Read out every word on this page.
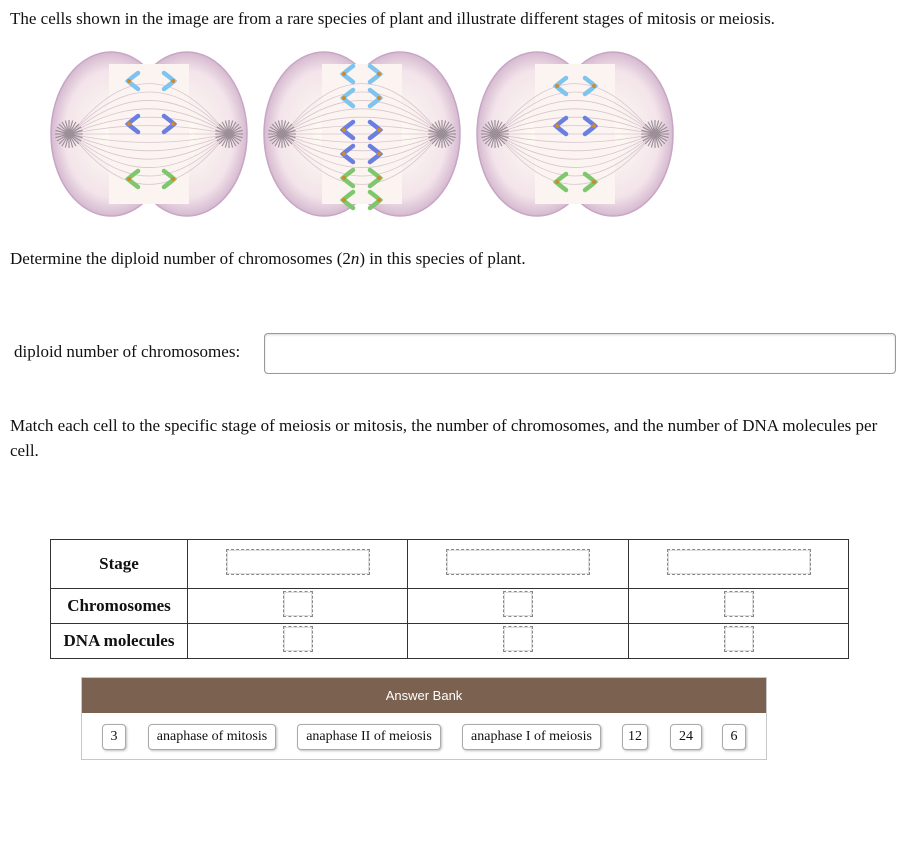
The cells shown in the image are from a rare species of plant and illustrate different stages of mitosis or meiosis.
Determine the diploid number of chromosomes (2n) in this species of plant.
diploid number of chromosomes:
Match each cell to the specific stage of meiosis or mitosis, the number of chromosomes, and the number of DNA molecules per cell.
Stage			
Chromosomes			
DNA molecules			
Answer Bank
3	anaphase of mitosis	anaphase II of meiosis	anaphase I of meiosis	12	24	6
